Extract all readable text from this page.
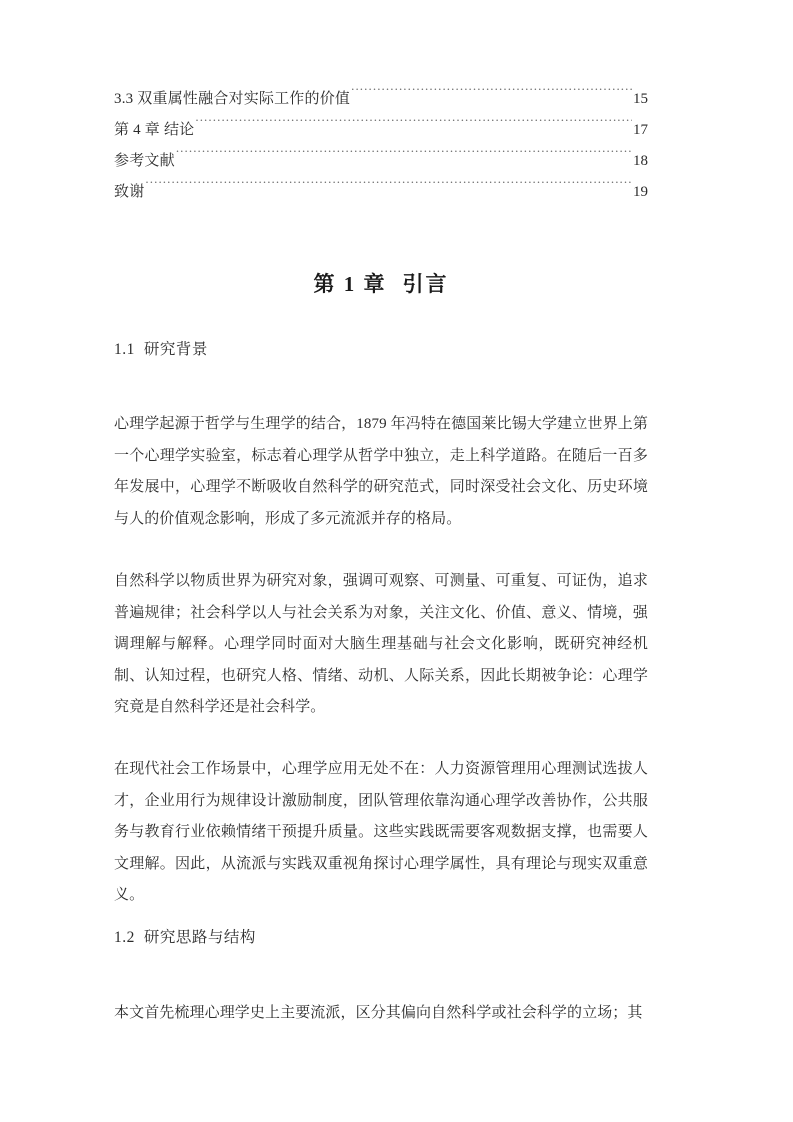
3.3 双重属性融合对实际工作的价值 .....	15
第 4 章 结论 .....	17
参考文献 .....	18
致谢 .....	19
第 1 章 引言
1.1 研究背景

心理学起源于哲学与生理学的结合，1879 年冯特在德国莱比锡大学建立世界上第一个心理学实验室，标志着心理学从哲学中独立，走上科学道路。在随后一百多年发展中，心理学不断吸收自然科学的研究范式，同时深受社会文化、历史环境与人的价值观念影响，形成了多元流派并存的格局。

自然科学以物质世界为研究对象，强调可观察、可测量、可重复、可证伪，追求普遍规律；社会科学以人与社会关系为对象，关注文化、价值、意义、情境，强调理解与解释。心理学同时面对大脑生理基础与社会文化影响，既研究神经机制、认知过程，也研究人格、情绪、动机、人际关系，因此长期被争论：心理学究竟是自然科学还是社会科学。

在现代社会工作场景中，心理学应用无处不在：人力资源管理用心理测试选拔人才，企业用行为规律设计激励制度，团队管理依靠沟通心理学改善协作，公共服务与教育行业依赖情绪干预提升质量。这些实践既需要客观数据支撑，也需要人文理解。因此，从流派与实践双重视角探讨心理学属性，具有理论与现实双重意义。

1.2 研究思路与结构

本文首先梳理心理学史上主要流派，区分其偏向自然科学或社会科学的立场；其
